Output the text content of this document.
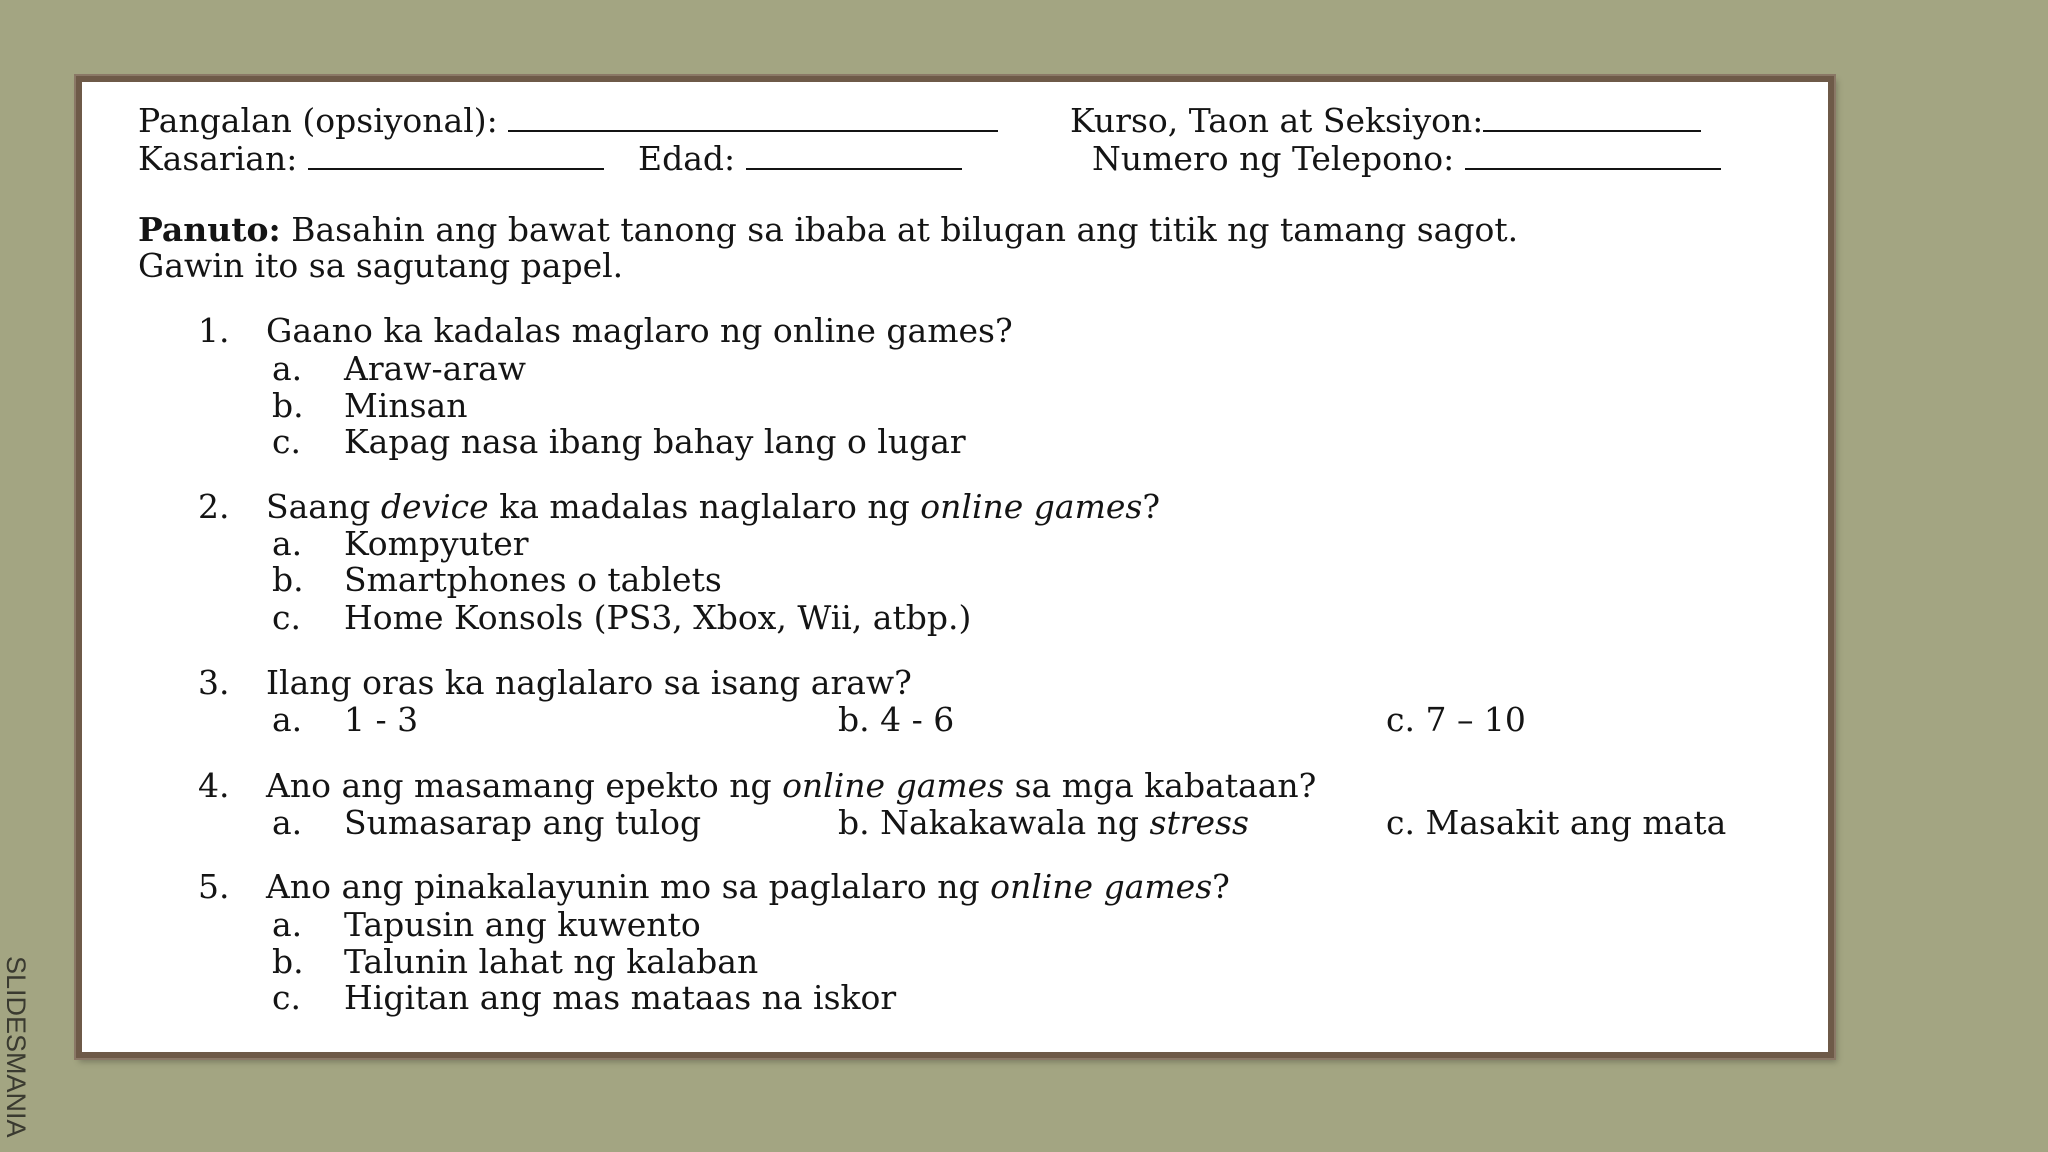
Pangalan (opsiyonal):	Kurso, Taon at Seksiyon:
Kasarian:	Edad:	Numero ng Telepono:
Panuto: Basahin ang bawat tanong sa ibaba at bilugan ang titik ng tamang sagot.
Gawin ito sa sagutang papel.
1. Gaano ka kadalas maglaro ng online games?
a. Araw-araw
b. Minsan
c. Kapag nasa ibang bahay lang o lugar
2. Saang device ka madalas naglalaro ng online games?
a. Kompyuter
b. Smartphones o tablets
c. Home Konsols (PS3, Xbox, Wii, atbp.)
3. Ilang oras ka naglalaro sa isang araw?
a. 1 - 3	b. 4 - 6	c. 7 – 10
4. Ano ang masamang epekto ng online games sa mga kabataan?
a. Sumasarap ang tulog	b. Nakakawala ng stress	c. Masakit ang mata
5. Ano ang pinakalayunin mo sa paglalaro ng online games?
a. Tapusin ang kuwento
b. Talunin lahat ng kalaban
c. Higitan ang mas mataas na iskor
SLIDESMANIA
